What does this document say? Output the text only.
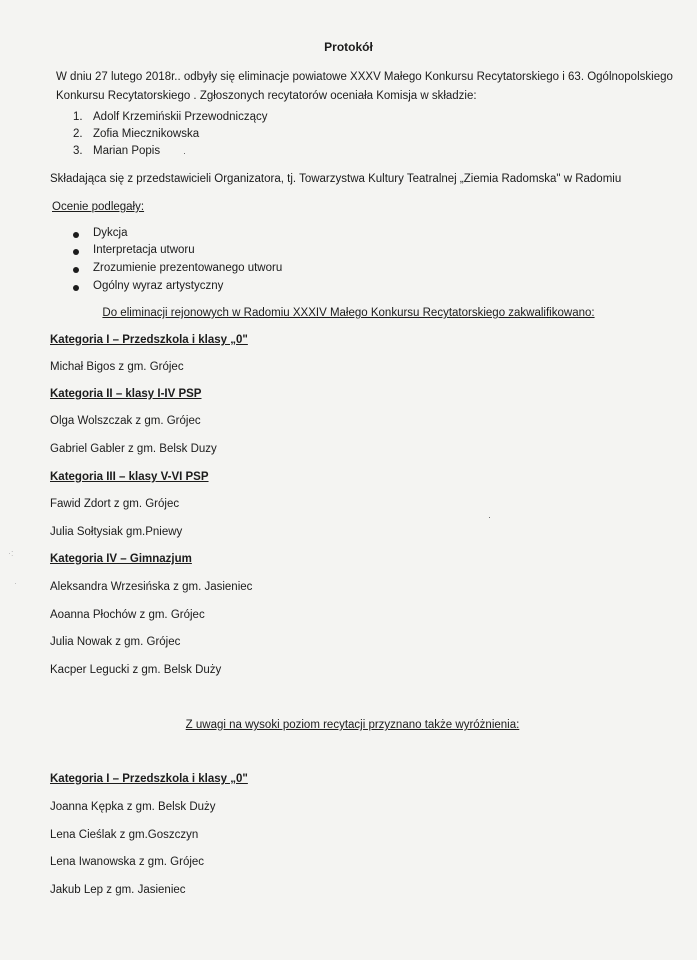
Protokół
W dniu 27 lutego 2018r.. odbyły się eliminacje powiatowe XXXV Małego Konkursu Recytatorskiego i 63. Ogólnopolskiego
Konkursu Recytatorskiego . Zgłoszonych recytatorów oceniała Komisja w składzie:
1. Adolf Krzemińskii Przewodniczący
2. Zofia Miecznikowska
3. Marian Popis
Składająca się z przedstawicieli Organizatora, tj. Towarzystwa Kultury Teatralnej „Ziemia Radomska" w Radomiu
Ocenie podlegały:
Dykcja
Interpretacja utworu
Zrozumienie prezentowanego utworu
Ogólny wyraz artystyczny
Do eliminacji rejonowych w Radomiu XXXIV Małego Konkursu Recytatorskiego zakwalifikowano:
Kategoria I – Przedszkola i klasy „0"
Michał Bigos z gm. Grójec
Kategoria II – klasy I-IV PSP
Olga Wolszczak z gm. Grójec
Gabriel Gabler z gm. Belsk Duzy
Kategoria III – klasy V-VI PSP
Fawid Zdort z gm. Grójec
Julia Sołtysiak gm.Pniewy
Kategoria IV – Gimnazjum
Aleksandra Wrzesińska z gm. Jasieniec
Aoanna Płochów z gm. Grójec
Julia Nowak z gm. Grójec
Kacper Legucki z gm. Belsk Duży
Z uwagi na wysoki poziom recytacji przyznano także wyróżnienia:
Kategoria I – Przedszkola i klasy „0"
Joanna Kępka z gm. Belsk Duży
Lena Cieślak z gm.Goszczyn
Lena Iwanowska z gm. Grójec
Jakub Lep z gm. Jasieniec
·:
·
·
·
